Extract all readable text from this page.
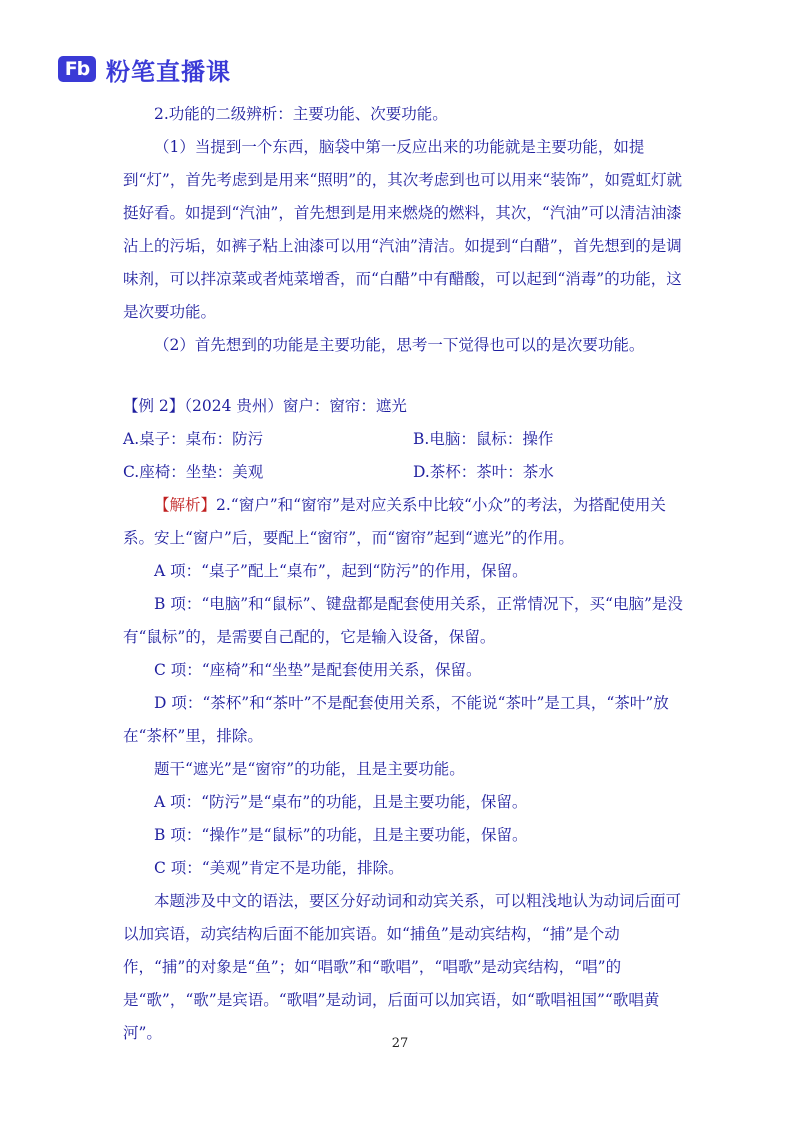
Fb 粉笔直播课

2.功能的二级辨析：主要功能、次要功能。

（1）当提到一个东西，脑袋中第一反应出来的功能就是主要功能，如提到“灯”，首先考虑到是用来“照明”的，其次考虑到也可以用来“装饰”，如霓虹灯就挺好看。如提到“汽油”，首先想到是用来燃烧的燃料，其次，“汽油”可以清洁油漆沾上的污垢，如裤子粘上油漆可以用“汽油”清洁。如提到“白醋”，首先想到的是调味剂，可以拌凉菜或者炖菜增香，而“白醋”中有醋酸，可以起到“消毒”的功能，这是次要功能。

（2）首先想到的功能是主要功能，思考一下觉得也可以的是次要功能。

【例 2】（2024 贵州）窗户：窗帘：遮光

A.桌子：桌布：防污	B.电脑：鼠标：操作
C.座椅：坐垫：美观	D.茶杯：茶叶：茶水

【解析】2.“窗户”和“窗帘”是对应关系中比较“小众”的考法，为搭配使用关系。安上“窗户”后，要配上“窗帘”，而“窗帘”起到“遮光”的作用。

A 项：“桌子”配上“桌布”，起到“防污”的作用，保留。

B 项：“电脑”和“鼠标”、键盘都是配套使用关系，正常情况下，买“电脑”是没有“鼠标”的，是需要自己配的，它是输入设备，保留。

C 项：“座椅”和“坐垫”是配套使用关系，保留。

D 项：“茶杯”和“茶叶”不是配套使用关系，不能说“茶叶”是工具，“茶叶”放在“茶杯”里，排除。

题干“遮光”是“窗帘”的功能，且是主要功能。

A 项：“防污”是“桌布”的功能，且是主要功能，保留。

B 项：“操作”是“鼠标”的功能，且是主要功能，保留。

C 项：“美观”肯定不是功能，排除。

本题涉及中文的语法，要区分好动词和动宾关系，可以粗浅地认为动词后面可以加宾语，动宾结构后面不能加宾语。如“捕鱼”是动宾结构，“捕”是个动作，“捕”的对象是“鱼”；如“唱歌”和“歌唱”，“唱歌”是动宾结构，“唱”的是“歌”，“歌”是宾语。“歌唱”是动词，后面可以加宾语，如“歌唱祖国”“歌唱黄河”。

27
